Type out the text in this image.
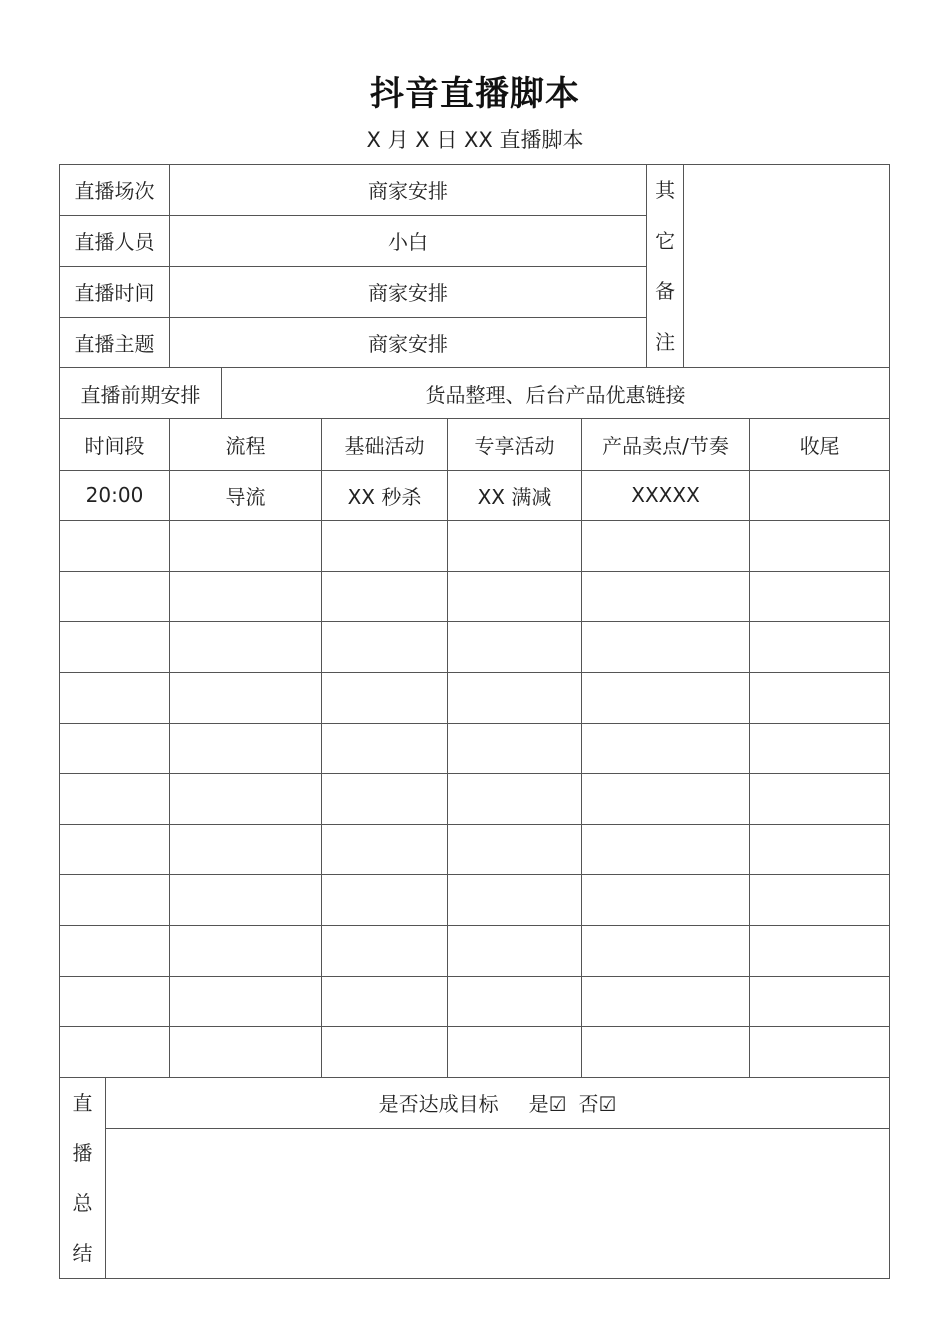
抖音直播脚本
X 月 X 日 XX 直播脚本
直播场次		商家安排					其
它
备
注		

直播人员		小白							
直播时间		商家安排							
直播主题		商家安排							
直播前期安排			货品整理、后台产品优惠链接						
时间段		流程		基础活动	专享活动	产品卖点/节奏			收尾
20:00		导流		XX 秒杀	XX 满减	XXXXX			

直
播
总
结	是否达成目标 是☑ 否☑								
